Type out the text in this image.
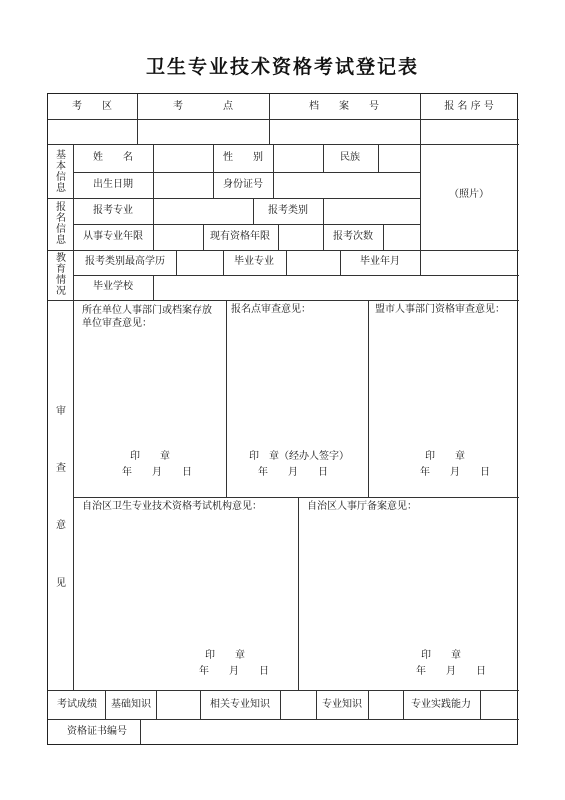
卫生专业技术资格考试登记表
考　　区	考　　　　点	档　　案　　号	报 名 序 号
基本信息
报名信息
教育情况
姓　　名	性　　别	民族
出生日期	身份证号
（照片）
报考专业	报考类别
从事专业年限	现有资格年限	报考次数
报考类别最高学历	毕业专业	毕业年月
毕业学校
审
查
意
见
所在单位人事部门或档案存放单位审查意见：
报名点审查意见：	盟市人事部门资格审查意见：
印　　章
年　　月　　日
印　章（经办人签字）
年　　月　　日
印　　章
年　　月　　日
自治区卫生专业技术资格考试机构意见：	自治区人事厅备案意见：
印　　章
年　　月　　日
印　　章
年　　月　　日
考试成绩 基础知识	相关专业知识	专业知识	专业实践能力
资格证书编号
